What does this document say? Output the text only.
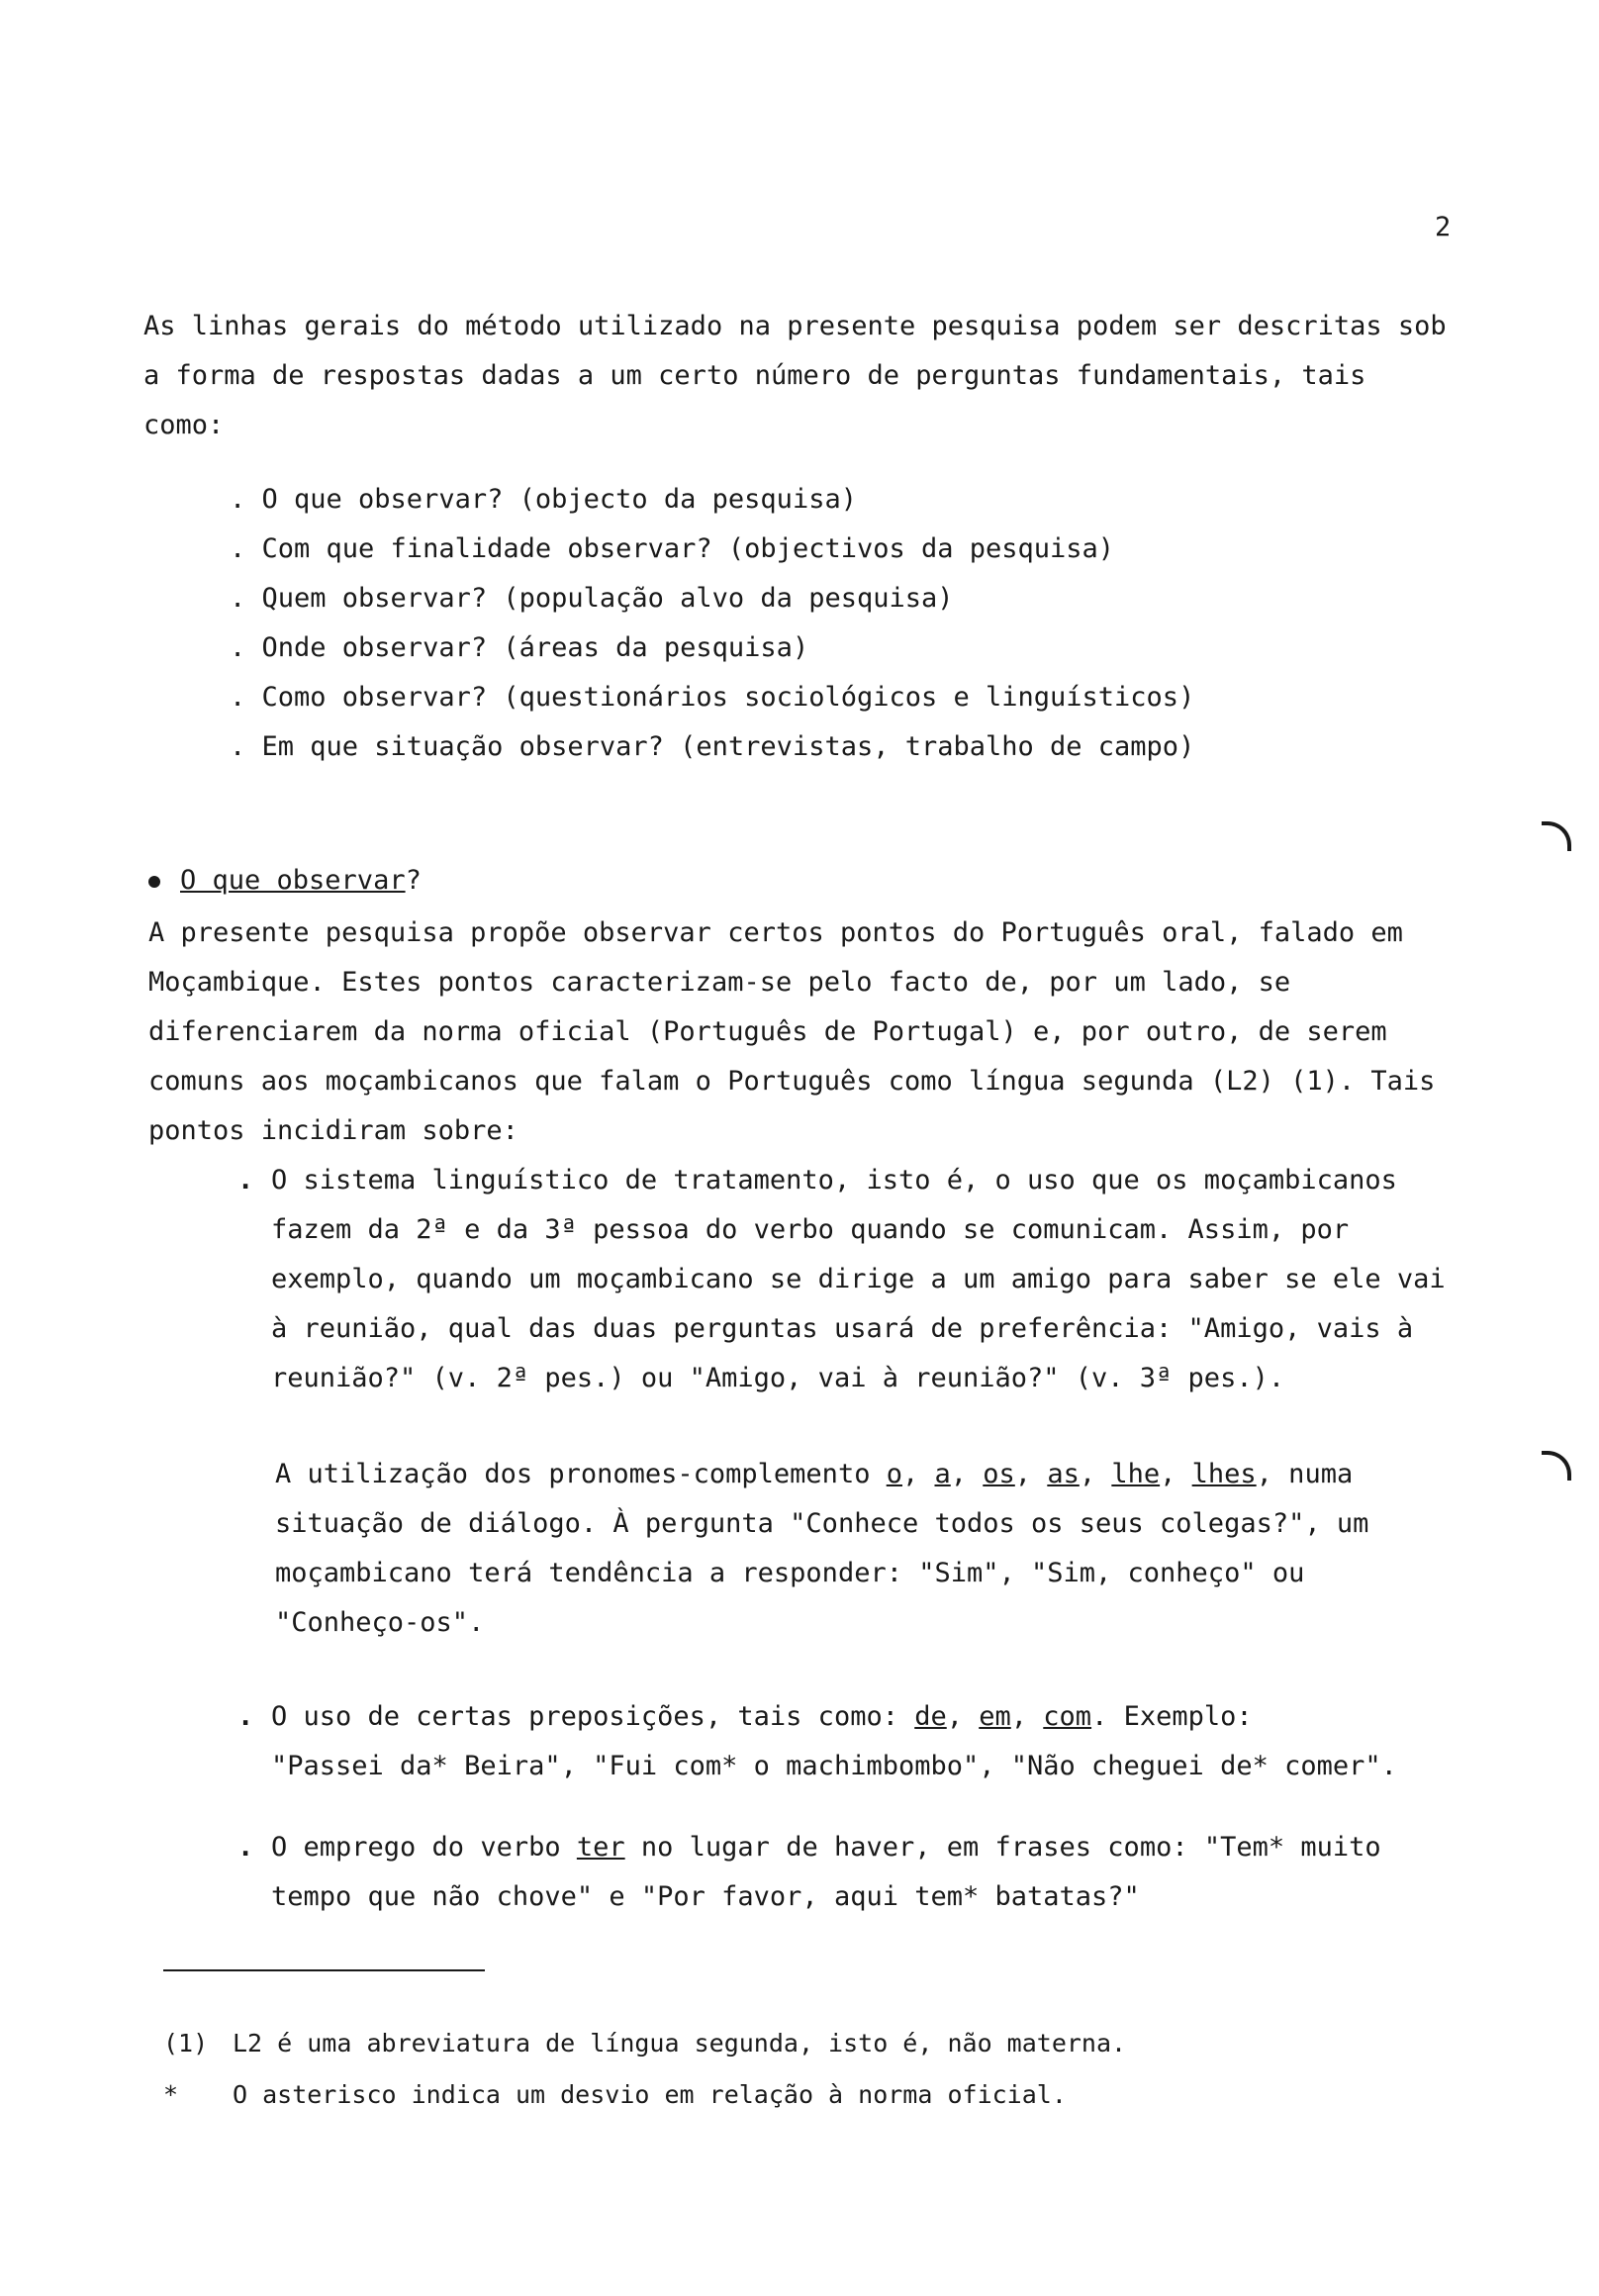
2

As linhas gerais do método utilizado na presente pesquisa podem ser descritas sob a forma de respostas dadas a um certo número de perguntas fundamentais, tais como:

. O que observar? (objecto da pesquisa)
. Com que finalidade observar? (objectivos da pesquisa)
. Quem observar? (população alvo da pesquisa)
. Onde observar? (áreas da pesquisa)
. Como observar? (questionários sociológicos e linguísticos)
. Em que situação observar? (entrevistas, trabalho de campo)
O que observar?

A presente pesquisa propõe observar certos pontos do Português oral, falado em Moçambique. Estes pontos caracterizam-se pelo facto de, por um lado, se diferenciarem da norma oficial (Português de Portugal) e, por outro, de serem comuns aos moçambicanos que falam o Português como língua segunda (L2) (1). Tais pontos incidiram sobre:

. O sistema linguístico de tratamento, isto é, o uso que os moçambicanos fazem da 2ª e da 3ª pessoa do verbo quando se comunicam. Assim, por exemplo, quando um moçambicano se dirige a um amigo para saber se ele vai à reunião, qual das duas perguntas usará de preferência: "Amigo, vais à reunião?" (v. 2ª pes.) ou "Amigo, vai à reunião?" (v. 3ª pes.).

A utilização dos pronomes-complemento o, a, os, as, lhe, lhes, numa situação de diálogo. À pergunta "Conhece todos os seus colegas?", um moçambicano terá tendência a responder: "Sim", "Sim, conheço" ou "Conheço-os".

. O uso de certas preposições, tais como: de, em, com. Exemplo:
"Passei da* Beira", "Fui com* o machimbombo", "Não cheguei de* comer".

. O emprego do verbo ter no lugar de haver, em frases como: "Tem* muito tempo que não chove" e "Por favor, aqui tem* batatas?"

(1) L2 é uma abreviatura de língua segunda, isto é, não materna.
* O asterisco indica um desvio em relação à norma oficial.
